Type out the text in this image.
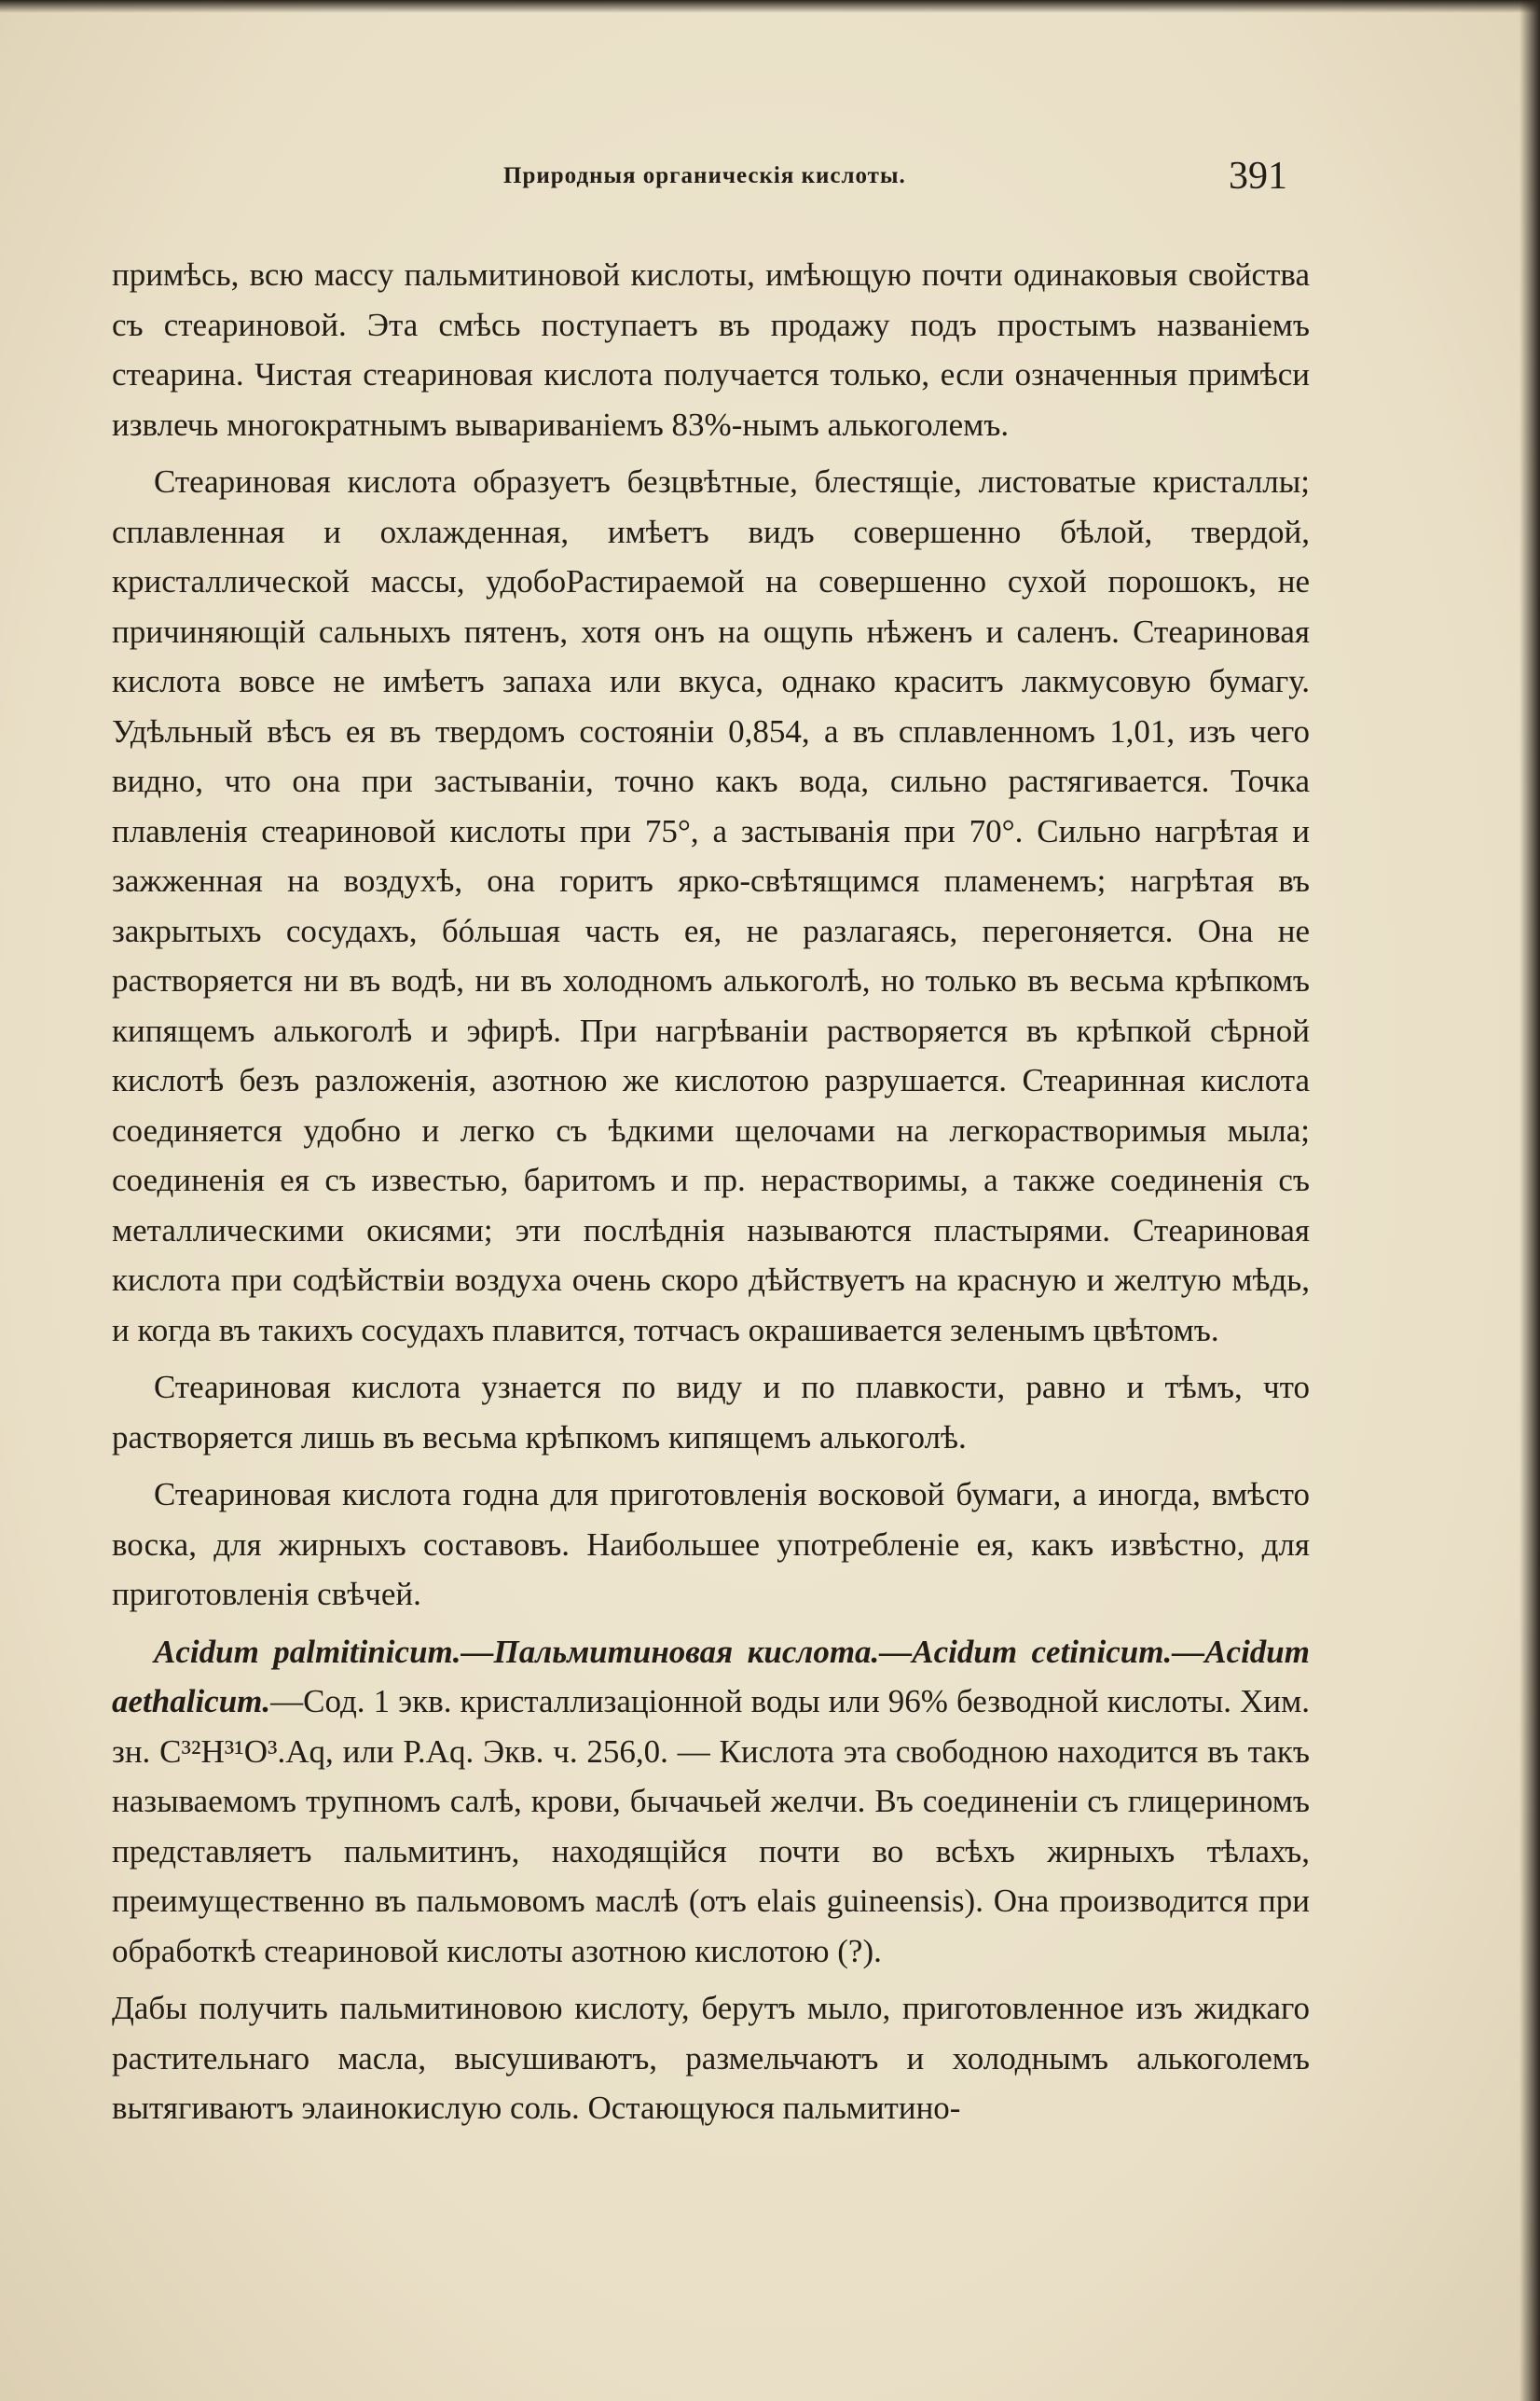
Природныя органическія кислоты.	391

примѣсь, всю массу пальмитиновой кислоты, имѣющую почти одинаковыя свойства съ стеариновой. Эта смѣсь поступаетъ въ продажу подъ простымъ названіемъ стеарина. Чистая стеариновая кислота получается только, если означенныя примѣси извлечь многократнымъ вывариваніемъ 83%-нымъ алькоголемъ.

Стеариновая кислота образуетъ безцвѣтные, блестящіе, листоватые кристаллы; сплавленная и охлажденная, имѣетъ видъ совершенно бѣлой, твердой, кристаллической массы, удобоРастираемой на совершенно сухой порошокъ, не причиняющій сальныхъ пятенъ, хотя онъ на ощупь нѣженъ и саленъ. Стеариновая кислота вовсе не имѣетъ запаха или вкуса, однако краситъ лакмусовую бумагу. Удѣльный вѣсъ ея въ твердомъ состояніи 0,854, а въ сплавленномъ 1,01, изъ чего видно, что она при застываніи, точно какъ вода, сильно растягивается. Точка плавленія стеариновой кислоты при 75°, а застыванія при 70°. Сильно нагрѣтая и зажженная на воздухѣ, она горитъ ярко-свѣтящимся пламенемъ; нагрѣтая въ закрытыхъ сосудахъ, бóльшая часть ея, не разлагаясь, перегоняется. Она не растворяется ни въ водѣ, ни въ холодномъ алькоголѣ, но только въ весьма крѣпкомъ кипящемъ алькоголѣ и эфирѣ. При нагрѣваніи растворяется въ крѣпкой сѣрной кислотѣ безъ разложенія, азотною же кислотою разрушается. Стеаринная кислота соединяется удобно и легко съ ѣдкими щелочами на легкорастворимыя мыла; соединенія ея съ известью, баритомъ и пр. нерастворимы, а также соединенія съ металлическими окисями; эти послѣднія называются пластырями. Стеариновая кислота при содѣйствіи воздуха очень скоро дѣйствуетъ на красную и желтую мѣдь, и когда въ такихъ сосудахъ плавится, тотчасъ окрашивается зеленымъ цвѣтомъ.

Стеариновая кислота узнается по виду и по плавкости, равно и тѣмъ, что растворяется лишь въ весьма крѣпкомъ кипящемъ алькоголѣ.

Стеариновая кислота годна для приготовленія восковой бумаги, а иногда, вмѣсто воска, для жирныхъ составовъ. Наибольшее употребленіе ея, какъ извѣстно, для приготовленія свѣчей.

Acidum palmitinicum.—Пальмитиновая кислота.—Acidum cetinicum.—Acidum aethalicum.—Сод. 1 экв. кристаллизаціонной воды или 96% безводной кислоты. Хим. зн. C³²H³¹O³.Aq, или P.Aq. Экв. ч. 256,0. — Кислота эта свободною находится въ такъ называемомъ трупномъ салѣ, крови, бычачьей желчи. Въ соединеніи съ глицериномъ представляетъ пальмитинъ, находящійся почти во всѣхъ жирныхъ тѣлахъ, преимущественно въ пальмовомъ маслѣ (отъ elais guineensis). Она производится при обработкѣ стеариновой кислоты азотною кислотою (?).

Дабы получить пальмитиновою кислоту, берутъ мыло, приготовленное изъ жидкаго растительнаго масла, высушиваютъ, размельчаютъ и холоднымъ алькоголемъ вытягиваютъ элаинокислую соль. Остающуюся пальмитино-
